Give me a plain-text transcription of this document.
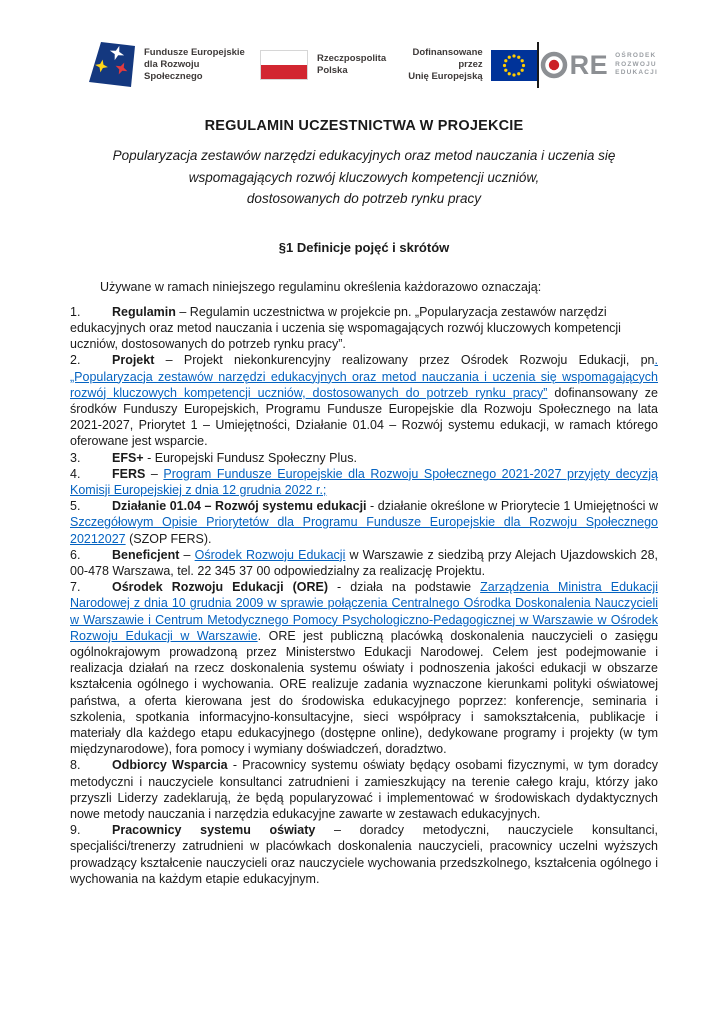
Fundusze Europejskie
dla Rozwoju Społecznego
Rzeczpospolita
Polska
Dofinansowane przez
Unię Europejską	RE OŚRODEK
ROZWOJU
EDUKACJI
REGULAMIN UCZESTNICTWA W PROJEKCIE
Popularyzacja zestawów narzędzi edukacyjnych oraz metod nauczania i uczenia się
wspomagających rozwój kluczowych kompetencji uczniów,
dostosowanych do potrzeb rynku pracy
§1 Definicje pojęć i skrótów

Używane w ramach niniejszego regulaminu określenia każdorazowo oznaczają:

1.	Regulamin – Regulamin uczestnictwa w projekcie pn. „Popularyzacja zestawów narzędzi edukacyjnych oraz metod nauczania i uczenia się wspomagających rozwój kluczowych kompetencji uczniów, dostosowanych do potrzeb rynku pracy”.

2.	Projekt – Projekt niekonkurencyjny realizowany przez Ośrodek Rozwoju Edukacji, pn. „Popularyzacja zestawów narzędzi edukacyjnych oraz metod nauczania i uczenia się wspomagających rozwój kluczowych kompetencji uczniów, dostosowanych do potrzeb rynku pracy” dofinansowany ze środków Funduszy Europejskich, Programu Fundusze Europejskie dla Rozwoju Społecznego na lata 2021-2027, Priorytet 1 – Umiejętności, Działanie 01.04 – Rozwój systemu edukacji, w ramach którego oferowane jest wsparcie.

3.	EFS+ - Europejski Fundusz Społeczny Plus.

4.	FERS – Program Fundusze Europejskie dla Rozwoju Społecznego 2021-2027 przyjęty decyzją Komisji Europejskiej z dnia 12 grudnia 2022 r.;

5.	Działanie 01.04 – Rozwój systemu edukacji - działanie określone w Priorytecie 1 Umiejętności w Szczegółowym Opisie Priorytetów dla Programu Fundusze Europejskie dla Rozwoju Społecznego 20212027 (SZOP FERS).

6.	Beneficjent – Ośrodek Rozwoju Edukacji w Warszawie z siedzibą przy Alejach Ujazdowskich 28, 00-478 Warszawa, tel. 22 345 37 00 odpowiedzialny za realizację Projektu.

7.	Ośrodek Rozwoju Edukacji (ORE) - działa na podstawie Zarządzenia Ministra Edukacji Narodowej z dnia 10 grudnia 2009 w sprawie połączenia Centralnego Ośrodka Doskonalenia Nauczycieli w Warszawie i Centrum Metodycznego Pomocy Psychologiczno-Pedagogicznej w Warszawie w Ośrodek Rozwoju Edukacji w Warszawie. ORE jest publiczną placówką doskonalenia nauczycieli o zasięgu ogólnokrajowym prowadzoną przez Ministerstwo Edukacji Narodowej. Celem jest podejmowanie i realizacja działań na rzecz doskonalenia systemu oświaty i podnoszenia jakości edukacji w obszarze kształcenia ogólnego i wychowania. ORE realizuje zadania wyznaczone kierunkami polityki oświatowej państwa, a oferta kierowana jest do środowiska edukacyjnego poprzez: konferencje, seminaria i szkolenia, spotkania informacyjno-konsultacyjne, sieci współpracy i samokształcenia, publikacje i materiały dla każdego etapu edukacyjnego (dostępne online), dedykowane programy i projekty (w tym międzynarodowe), fora pomocy i wymiany doświadczeń, doradztwo.

8.	Odbiorcy Wsparcia - Pracownicy systemu oświaty będący osobami fizycznymi, w tym doradcy metodyczni i nauczyciele konsultanci zatrudnieni i zamieszkujący na terenie całego kraju, którzy jako przyszli Liderzy zadeklarują, że będą popularyzować i implementować w środowiskach dydaktycznych nowe metody nauczania i narzędzia edukacyjne zawarte w zestawach edukacyjnych.

9.	Pracownicy systemu oświaty – doradcy metodyczni, nauczyciele konsultanci, specjaliści/trenerzy zatrudnieni w placówkach doskonalenia nauczycieli, pracownicy uczelni wyższych prowadzący kształcenie nauczycieli oraz nauczyciele wychowania przedszkolnego, kształcenia ogólnego i wychowania na każdym etapie edukacyjnym.
